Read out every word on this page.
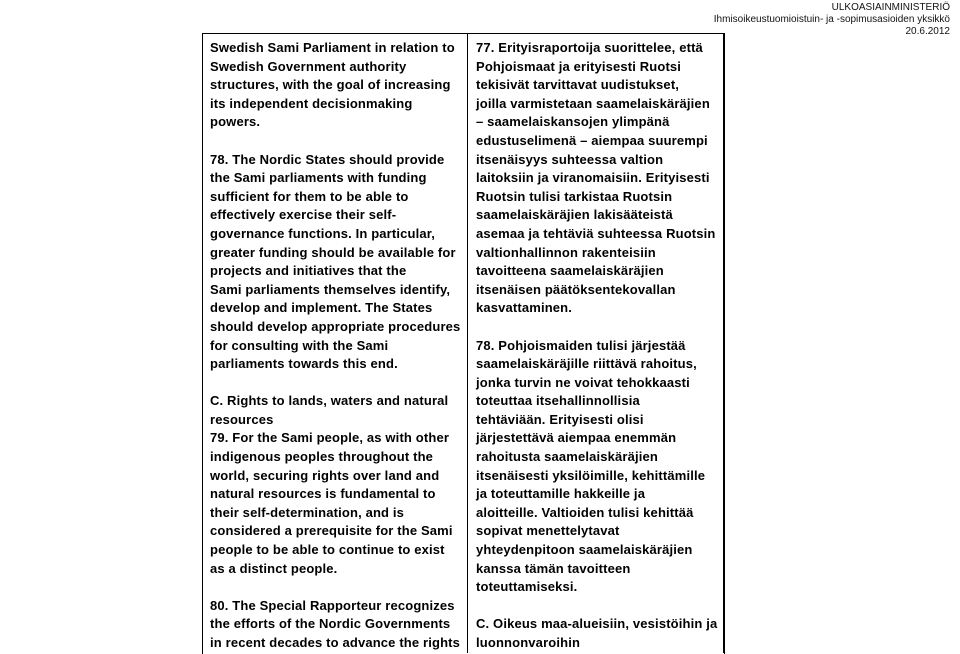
ULKOASIAINMINISTERIÖ
Ihmisoikeustuomioistuin- ja -sopimusasioiden yksikkö
20.6.2012

Swedish Sami Parliament in relation to

Swedish Government authority

structures, with the goal of increasing

its independent decisionmaking

powers.

78. The Nordic States should provide

the Sami parliaments with funding

sufficient for them to be able to

effectively exercise their self-

governance functions. In particular,

greater funding should be available for

projects and initiatives that the

Sami parliaments themselves identify,

develop and implement. The States

should develop appropriate procedures

for consulting with the Sami

parliaments towards this end.

C. Rights to lands, waters and natural

resources

79. For the Sami people, as with other

indigenous peoples throughout the

world, securing rights over land and

natural resources is fundamental to

their self-determination, and is

considered a prerequisite for the Sami

people to be able to continue to exist

as a distinct people.

80. The Special Rapporteur recognizes

the efforts of the Nordic Governments

in recent decades to advance the rights

77. Erityisraportoija suorittelee, että

Pohjoismaat ja erityisesti Ruotsi

tekisivät tarvittavat uudistukset,

joilla varmistetaan saamelaiskäräjien

– saamelaiskansojen ylimpänä

edustuselimenä – aiempaa suurempi

itsenäisyys suhteessa valtion

laitoksiin ja viranomaisiin. Erityisesti

Ruotsin tulisi tarkistaa Ruotsin

saamelaiskäräjien lakisääteistä

asemaa ja tehtäviä suhteessa Ruotsin

valtionhallinnon rakenteisiin

tavoitteena saamelaiskäräjien

itsenäisen päätöksentekovallan

kasvattaminen.

78. Pohjoismaiden tulisi järjestää

saamelaiskäräjille riittävä rahoitus,

jonka turvin ne voivat tehokkaasti

toteuttaa itsehallinnollisia

tehtäviään. Erityisesti olisi

järjestettävä aiempaa enemmän

rahoitusta saamelaiskäräjien

itsenäisesti yksilöimille, kehittämille

ja toteuttamille hakkeille ja

aloitteille. Valtioiden tulisi kehittää

sopivat menettelytavat

yhteydenpitoon saamelaiskäräjien

kanssa tämän tavoitteen

toteuttamiseksi.

C. Oikeus maa-alueisiin, vesistöihin ja

luonnonvaroihin
